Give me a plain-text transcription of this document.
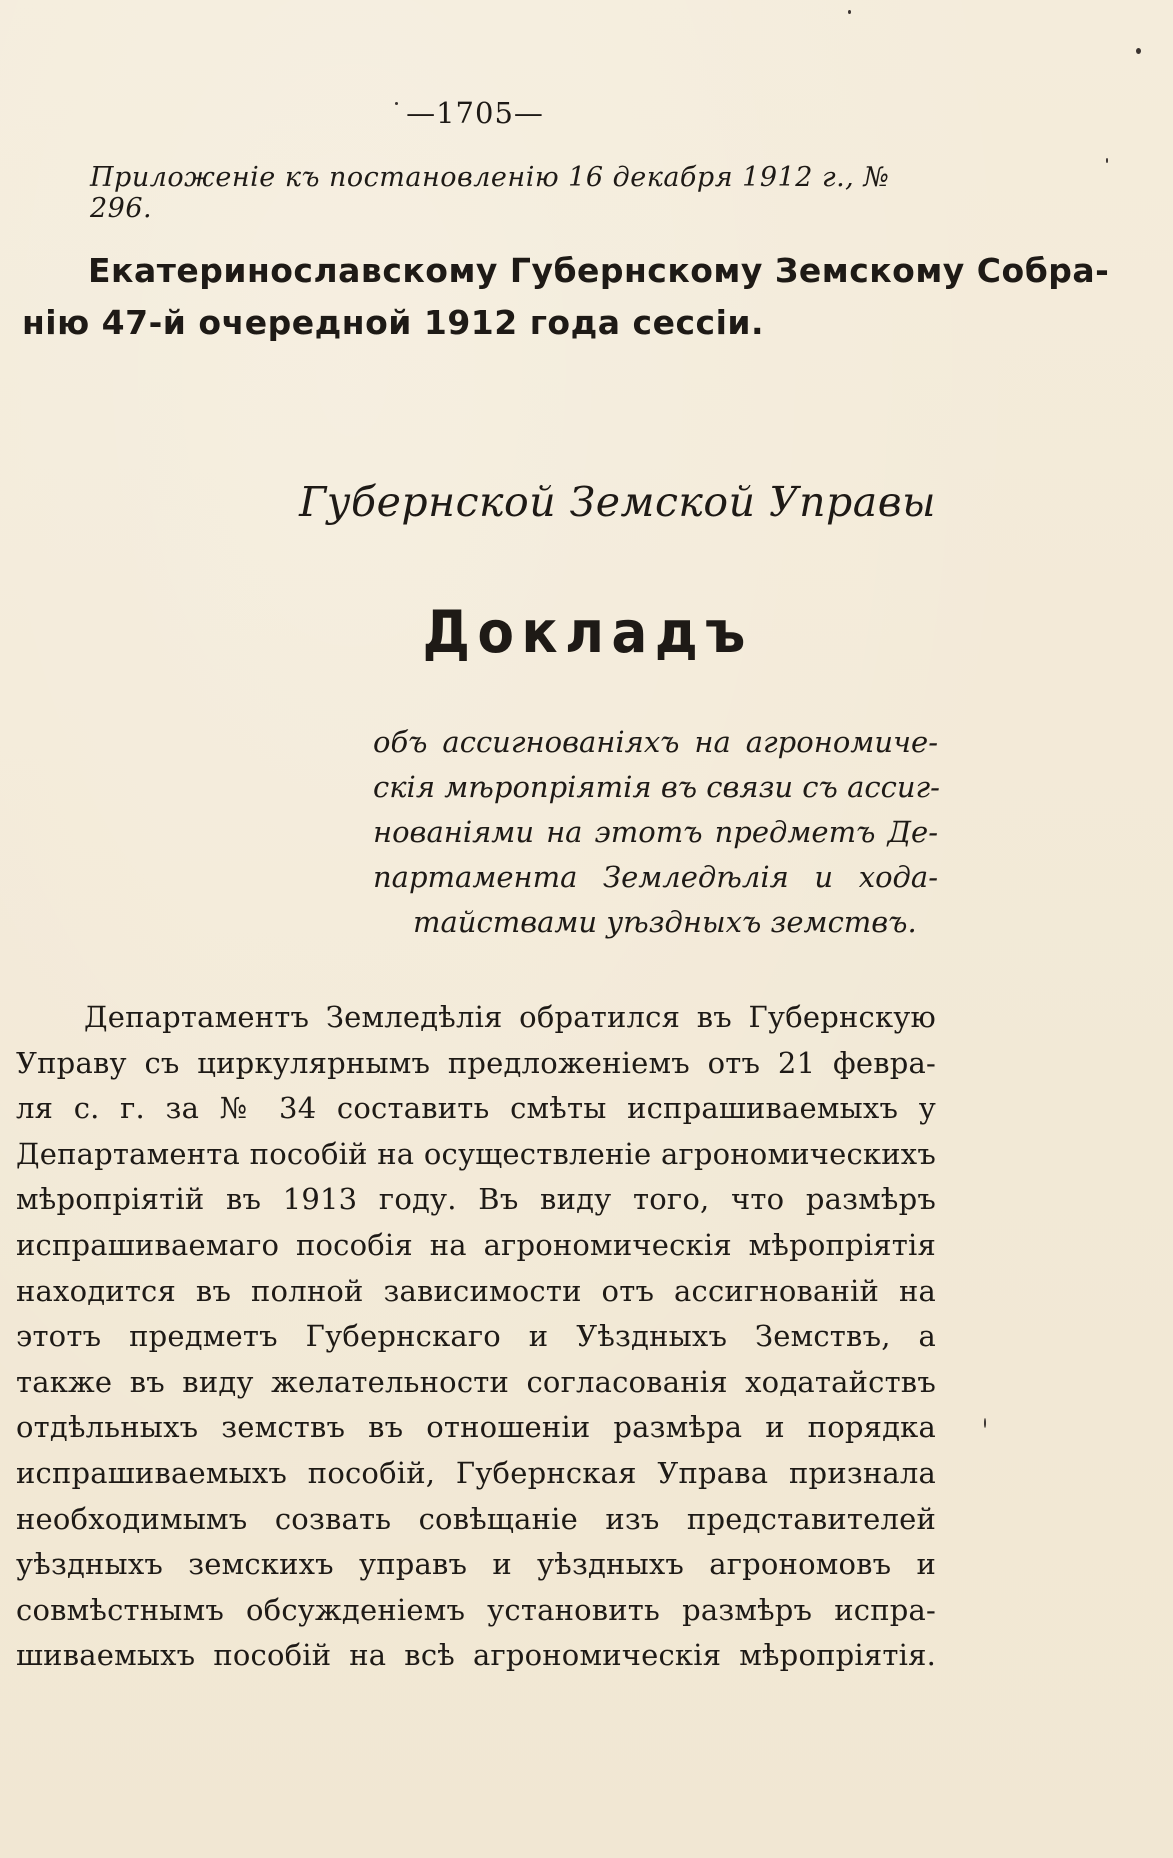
—1705—
Приложенiе къ постановленiю 16 декабря 1912 г., № 296.
Екатеринославскому Губернскому Земскому Собра-
нiю 47-й очередной 1912 года сессiи.
Губернской Земской Управы
Докладъ
объ ассигнованiяхъ на агрономиче-
скiя мѣропрiятiя въ связи съ ассиг-
нованiями на этотъ предметъ Де-
партамента Земледѣлiя и хода-
тайствами уѣздныхъ земствъ.
Департаментъ Земледѣлiя обратился въ Губернскую
Управу съ циркулярнымъ предложенiемъ отъ 21 февра-
ля с. г. за № 34 составить смѣты испрашиваемыхъ у
Департамента пособiй на осуществленiе агрономическихъ
мѣропрiятiй въ 1913 году. Въ виду того, что размѣръ
испрашиваемаго пособiя на агрономическiя мѣропрiятiя
находится въ полной зависимости отъ ассигнованiй на
этотъ предметъ Губернскаго и Уѣздныхъ Земствъ, а
также въ виду желательности согласованiя ходатайствъ
отдѣльныхъ земствъ въ отношенiи размѣра и порядка
испрашиваемыхъ пособiй, Губернская Управа признала
необходимымъ созвать совѣщанiе изъ представителей
уѣздныхъ земскихъ управъ и уѣздныхъ агрономовъ и
совмѣстнымъ обсужденiемъ установить размѣръ испра-
шиваемыхъ пособiй на всѣ агрономическiя мѣропрiятiя.
